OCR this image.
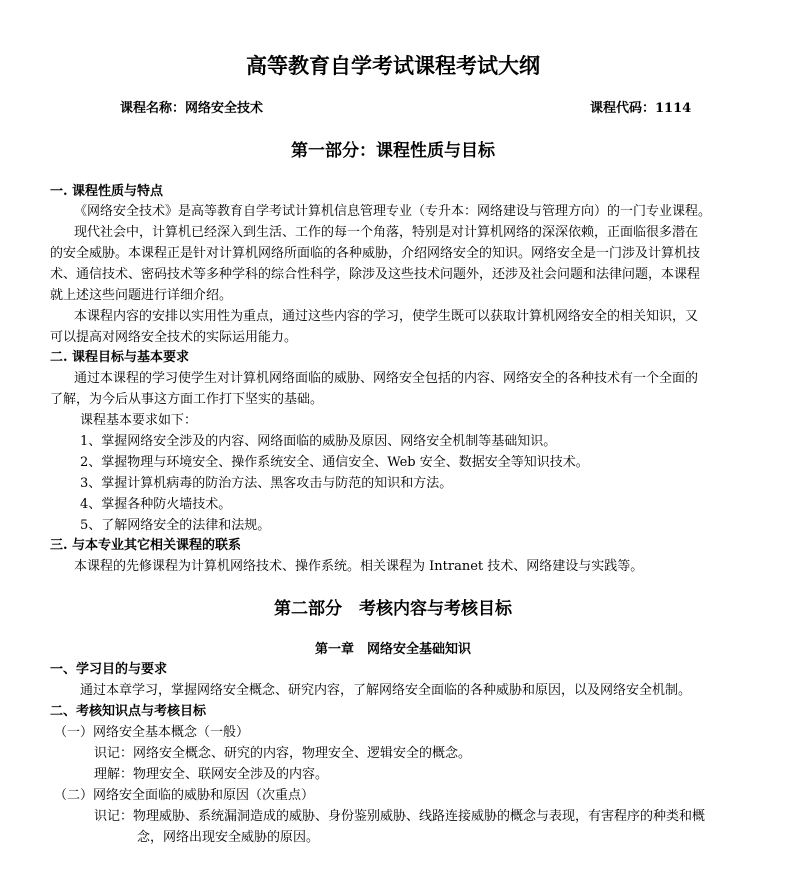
高等教育自学考试课程考试大纲
课程名称：网络安全技术	课程代码：1114
第一部分：课程性质与目标
一. 课程性质与特点
《网络安全技术》是高等教育自学考试计算机信息管理专业（专升本：网络建设与管理方向）的一门专业课程。
现代社会中，计算机已经深入到生活、工作的每一个角落，特别是对计算机网络的深深依赖，正面临很多潜在
的安全威胁。本课程正是针对计算机网络所面临的各种威胁，介绍网络安全的知识。网络安全是一门涉及计算机技
术、通信技术、密码技术等多种学科的综合性科学，除涉及这些技术问题外，还涉及社会问题和法律问题，本课程
就上述这些问题进行详细介绍。
本课程内容的安排以实用性为重点，通过这些内容的学习，使学生既可以获取计算机网络安全的相关知识，又
可以提高对网络安全技术的实际运用能力。
二. 课程目标与基本要求
通过本课程的学习使学生对计算机网络面临的威胁、网络安全包括的内容、网络安全的各种技术有一个全面的
了解，为今后从事这方面工作打下坚实的基础。
课程基本要求如下：
1、掌握网络安全涉及的内容、网络面临的威胁及原因、网络安全机制等基础知识。
2、掌握物理与环境安全、操作系统安全、通信安全、Web 安全、数据安全等知识技术。
3、掌握计算机病毒的防治方法、黑客攻击与防范的知识和方法。
4、掌握各种防火墙技术。
5、了解网络安全的法律和法规。
三. 与本专业其它相关课程的联系
本课程的先修课程为计算机网络技术、操作系统。相关课程为 Intranet 技术、网络建设与实践等。
第二部分　考核内容与考核目标
第一章　网络安全基础知识
一、学习目的与要求
通过本章学习，掌握网络安全概念、研究内容，了解网络安全面临的各种威胁和原因，以及网络安全机制。
二、考核知识点与考核目标
（一）网络安全基本概念（一般）
识记：网络安全概念、研究的内容，物理安全、逻辑安全的概念。
理解：物理安全、联网安全涉及的内容。
（二）网络安全面临的威胁和原因（次重点）
识记：物理威胁、系统漏洞造成的威胁、身份鉴别威胁、线路连接威胁的概念与表现，有害程序的种类和概
念，网络出现安全威胁的原因。
